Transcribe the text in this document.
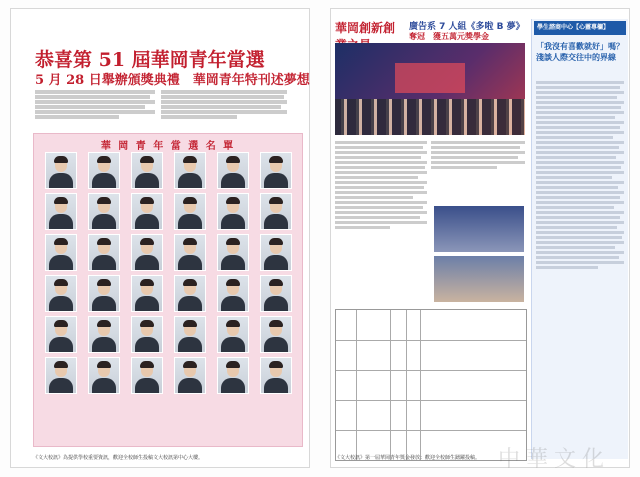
恭喜第 51 屆華岡青年當選
5 月 28 日舉辦頒獎典禮　華岡青年特刊述夢想
華 岡 青 年 當 選 名 單
《文大校訊》為提供學校重要資訊，歡迎全校師生投稿文大校訊第中心大樓。
華岡創新創	廣告系 7 人組《多啦 B 夢》
奪冠　獲五萬元獎學金
學生諮商中心【心靈專欄】
「我沒有喜歡就好」嗎？淺談人際交往中的界線
《文大校訊》第一屆華岡青年獎金發放：歡迎全校師生踴躍投稿。 中華文化
